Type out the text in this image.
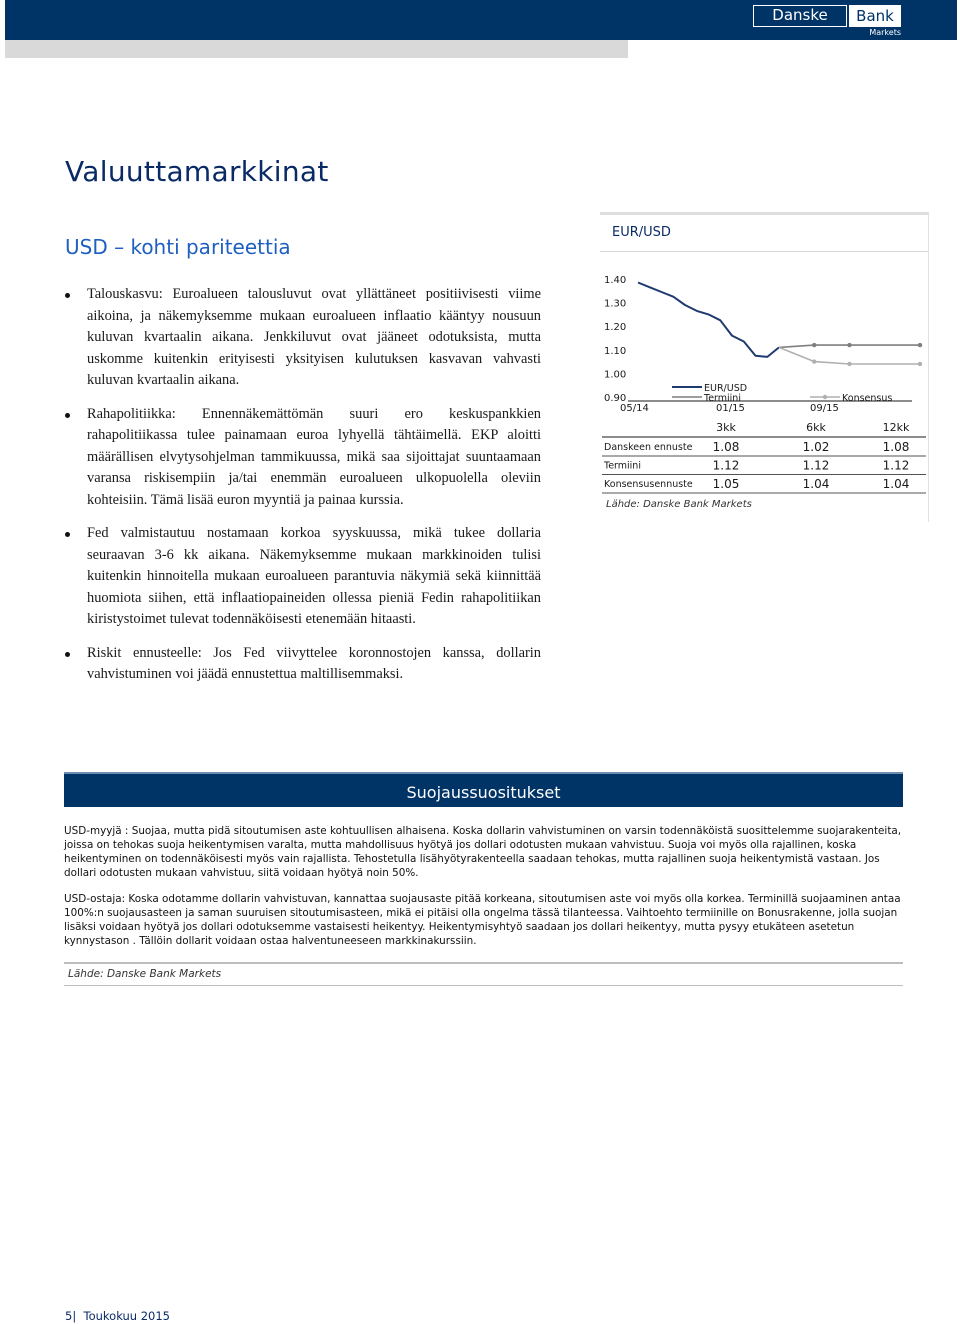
Danske	Bank
Markets
Valuuttamarkkinat
USD – kohti pariteettia
Talouskasvu: Euroalueen talousluvut ovat yllättäneet positiivisesti viime aikoina, ja näkemyksemme mukaan euroalueen inflaatio kääntyy nousuun kuluvan kvartaalin aikana. Jenkkiluvut ovat jääneet odotuksista, mutta uskomme kuitenkin erityisesti yksityisen kulutuksen kasvavan vahvasti kuluvan kvartaalin aikana.
Rahapolitiikka: Ennennäkemättömän suuri ero keskuspankkien rahapolitiikassa tulee painamaan euroa lyhyellä tähtäimellä. EKP aloitti määrällisen elvytysohjelman tammikuussa, mikä saa sijoittajat suuntaamaan varansa riskisempiin ja/tai enemmän euroalueen ulkopuolella oleviin kohteisiin. Tämä lisää euron myyntiä ja painaa kurssia.
Fed valmistautuu nostamaan korkoa syyskuussa, mikä tukee dollaria seuraavan 3-6 kk aikana. Näkemyksemme mukaan markkinoiden tulisi kuitenkin hinnoitella mukaan euroalueen parantuvia näkymiä sekä kiinnittää huomiota siihen, että inflaatiopaineiden ollessa pieniä Fedin rahapolitiikan kiristystoimet tulevat todennäköisesti etenemään hitaasti.
Riskit ennusteelle: Jos Fed viivyttelee koronnostojen kanssa, dollarin vahvistuminen voi jäädä ennustettua maltillisemmaksi.
EUR/USD
1.40
1.30
1.20
1.10
1.00
0.90
05/14	01/15	09/15
EUR/USD
Termiini	Konsensus
3kk	6kk	12kk
Danskeen ennuste 1.08	1.02	1.08
Termiini	1.12	1.12	1.12
Konsensusennuste 1.05	1.04	1.04
Lähde: Danske Bank Markets
Suojaussuositukset

USD-myyjä : Suojaa, mutta pidä sitoutumisen aste kohtuullisen alhaisena. Koska dollarin vahvistuminen on varsin todennäköistä suosittelemme suojarakenteita, joissa on tehokas suoja heikentymisen varalta, mutta mahdollisuus hyötyä jos dollari odotusten mukaan vahvistuu. Suoja voi myös olla rajallinen, koska heikentyminen on todennäköisesti myös vain rajallista. Tehostetulla lisähyötyrakenteella saadaan tehokas, mutta rajallinen suoja heikentymistä vastaan. Jos dollari odotusten mukaan vahvistuu, siitä voidaan hyötyä noin 50%.

USD-ostaja: Koska odotamme dollarin vahvistuvan, kannattaa suojausaste pitää korkeana, sitoutumisen aste voi myös olla korkea. Terminillä suojaaminen antaa 100%:n suojausasteen ja saman suuruisen sitoutumisasteen, mikä ei pitäisi olla ongelma tässä tilanteessa. Vaihtoehto termiinille on Bonusrakenne, jolla suojan lisäksi voidaan hyötyä jos dollari odotuksemme vastaisesti heikentyy. Heikentymisyhtyö saadaan jos dollari heikentyy, mutta pysyy etukäteen asetetun kynnystason . Tällöin dollarit voidaan ostaa halventuneeseen markkinakurssiin.

Lähde: Danske Bank Markets
5| Toukokuu 2015
